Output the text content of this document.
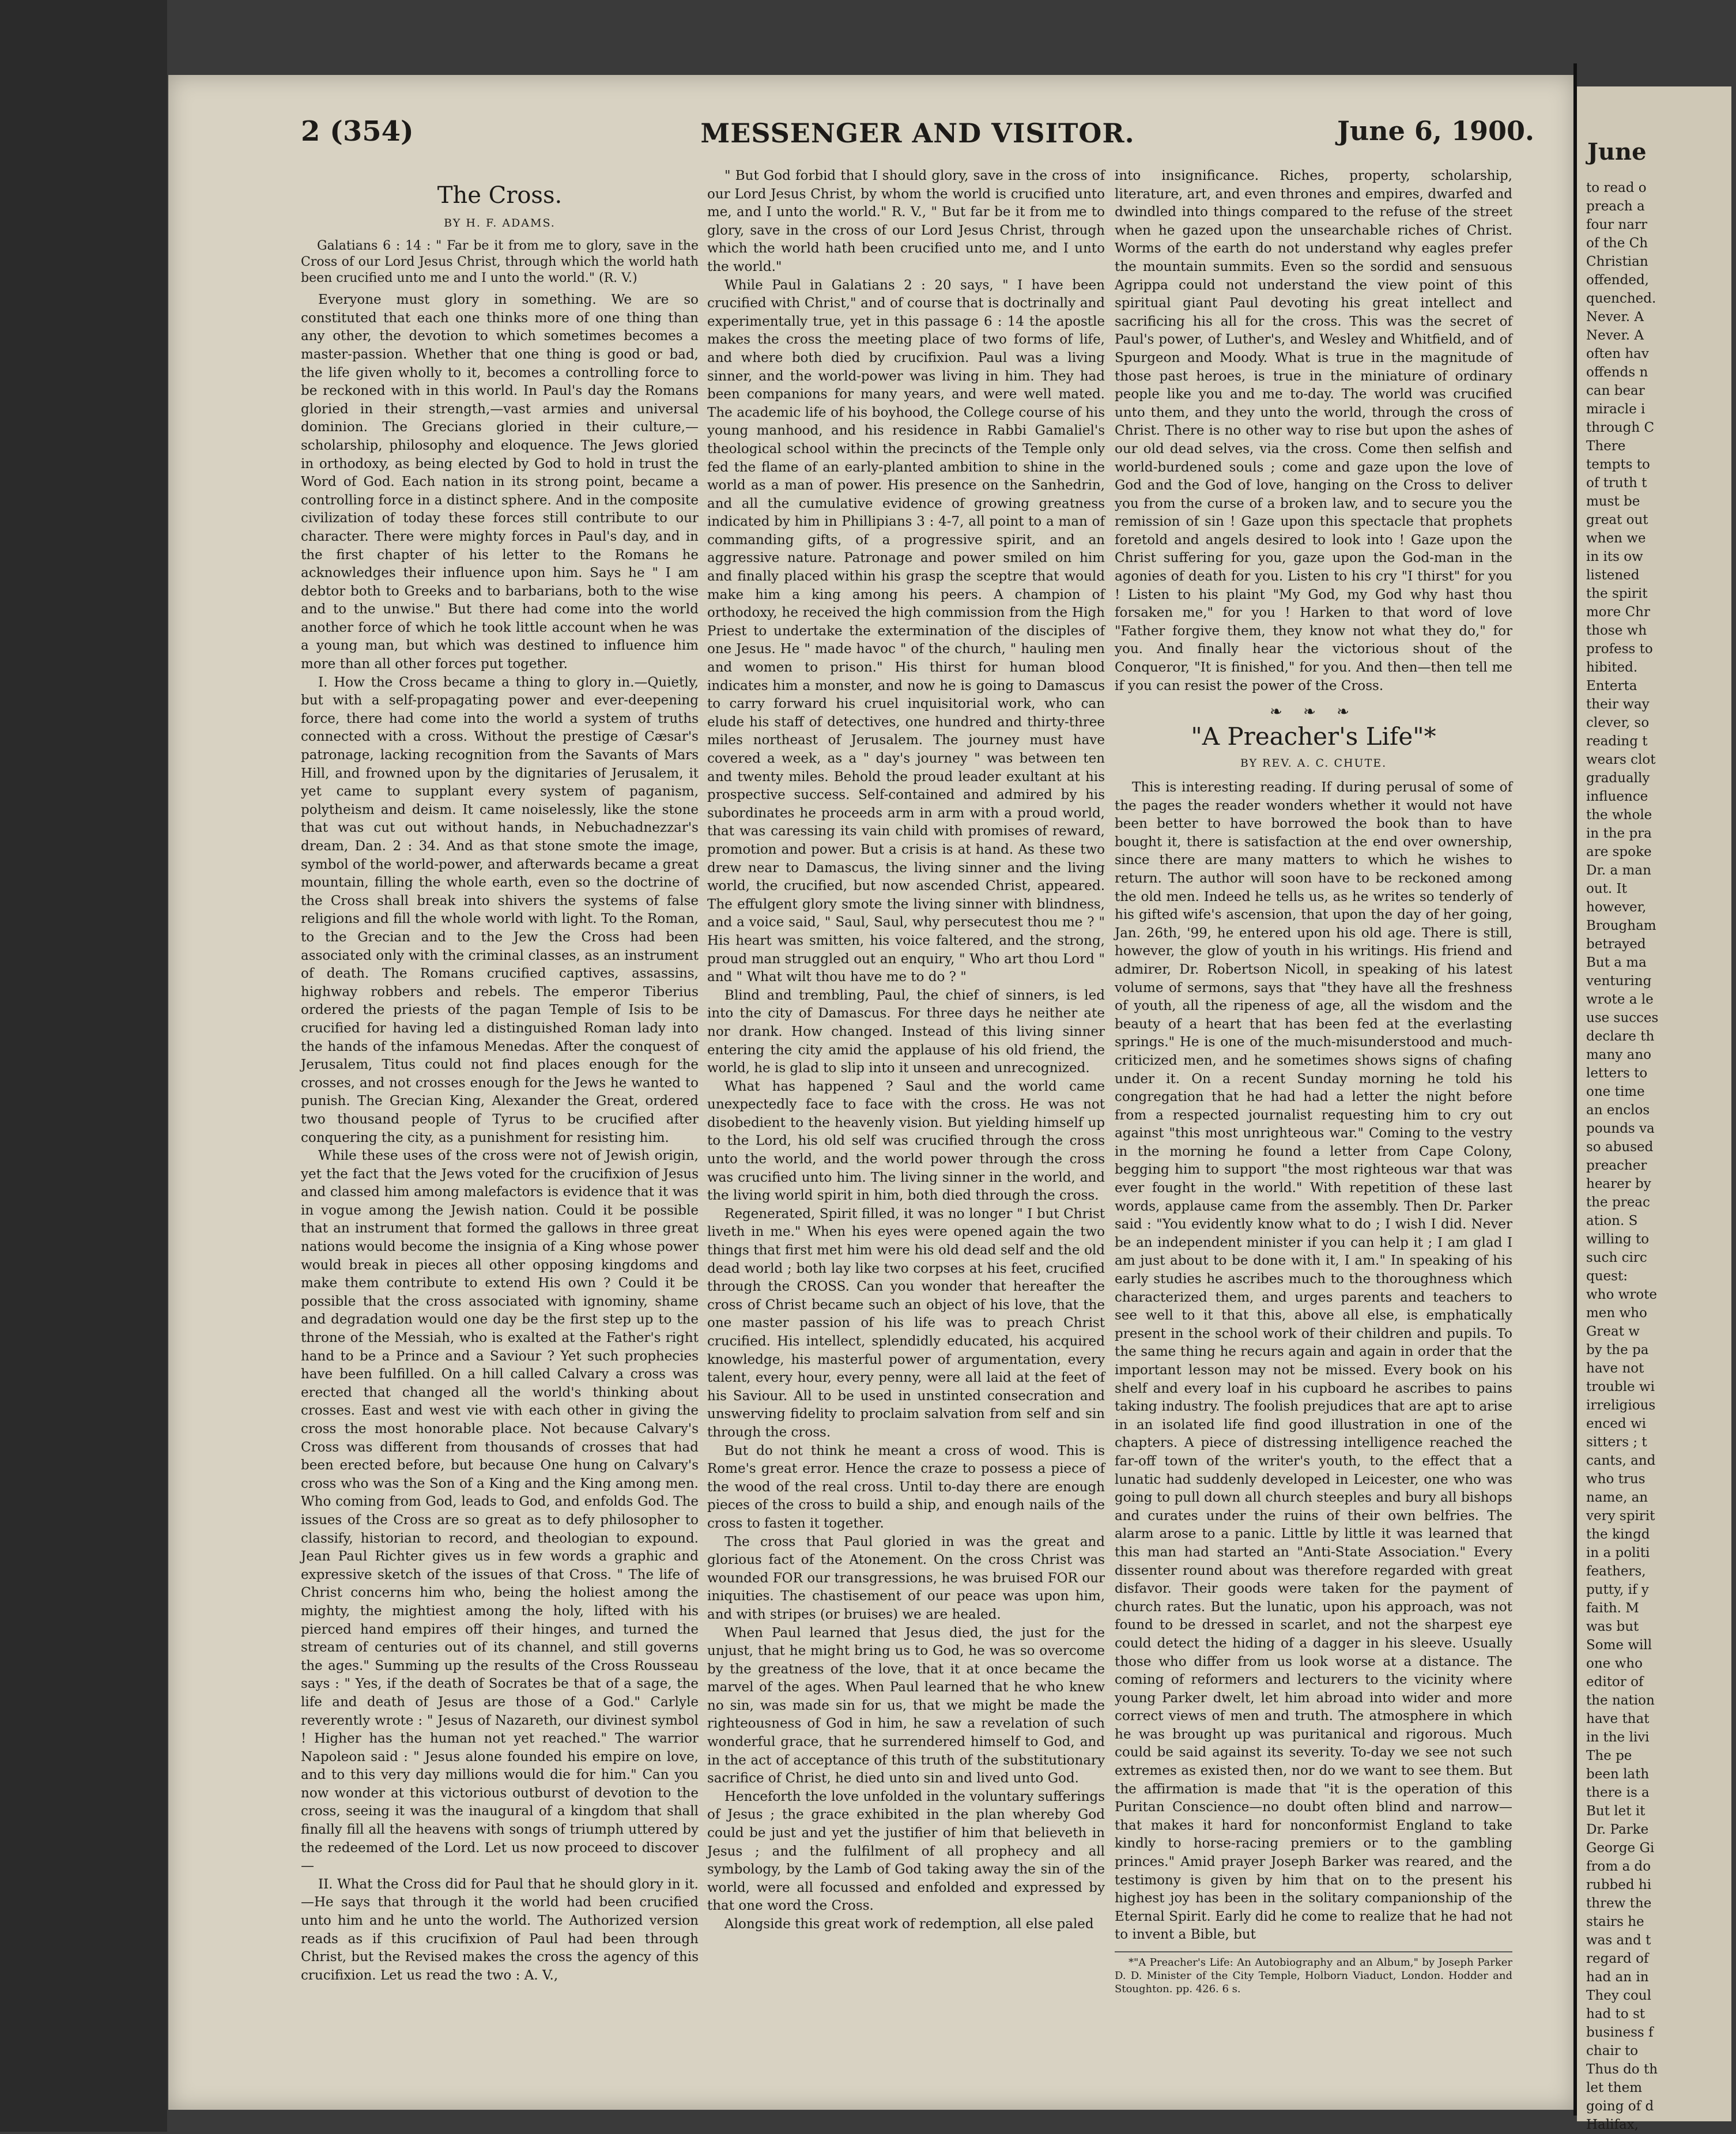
2 (354)	MESSENGER AND VISITOR.	June 6, 1900.
The Cross.
BY H. F. ADAMS.

Galatians 6 : 14 : " Far be it from me to glory, save in the Cross of our Lord Jesus Christ, through which the world hath been crucified unto me and I unto the world." (R. V.)

Everyone must glory in something. We are so constituted that each one thinks more of one thing than any other, the devotion to which sometimes becomes a master-passion. Whether that one thing is good or bad, the life given wholly to it, becomes a controlling force to be reckoned with in this world. In Paul's day the Romans gloried in their strength,—vast armies and universal dominion. The Grecians gloried in their culture,—scholarship, philosophy and eloquence. The Jews gloried in orthodoxy, as being elected by God to hold in trust the Word of God. Each nation in its strong point, became a controlling force in a distinct sphere. And in the composite civilization of today these forces still contribute to our character. There were mighty forces in Paul's day, and in the first chapter of his letter to the Romans he acknowledges their influence upon him. Says he " I am debtor both to Greeks and to barbarians, both to the wise and to the unwise." But there had come into the world another force of which he took little account when he was a young man, but which was destined to influence him more than all other forces put together.

I. How the Cross became a thing to glory in.—Quietly, but with a self-propagating power and ever-deepening force, there had come into the world a system of truths connected with a cross. Without the prestige of Cæsar's patronage, lacking recognition from the Savants of Mars Hill, and frowned upon by the dignitaries of Jerusalem, it yet came to supplant every system of paganism, polytheism and deism. It came noiselessly, like the stone that was cut out without hands, in Nebuchadnezzar's dream, Dan. 2 : 34. And as that stone smote the image, symbol of the world-power, and afterwards became a great mountain, filling the whole earth, even so the doctrine of the Cross shall break into shivers the systems of false religions and fill the whole world with light. To the Roman, to the Grecian and to the Jew the Cross had been associated only with the criminal classes, as an instrument of death. The Romans crucified captives, assassins, highway robbers and rebels. The emperor Tiberius ordered the priests of the pagan Temple of Isis to be crucified for having led a distinguished Roman lady into the hands of the infamous Menedas. After the conquest of Jerusalem, Titus could not find places enough for the crosses, and not crosses enough for the Jews he wanted to punish. The Grecian King, Alexander the Great, ordered two thousand people of Tyrus to be crucified after conquering the city, as a punishment for resisting him.

While these uses of the cross were not of Jewish origin, yet the fact that the Jews voted for the crucifixion of Jesus and classed him among malefactors is evidence that it was in vogue among the Jewish nation. Could it be possible that an instrument that formed the gallows in three great nations would become the insignia of a King whose power would break in pieces all other opposing kingdoms and make them contribute to extend His own ? Could it be possible that the cross associated with ignominy, shame and degradation would one day be the first step up to the throne of the Messiah, who is exalted at the Father's right hand to be a Prince and a Saviour ? Yet such prophecies have been fulfilled. On a hill called Calvary a cross was erected that changed all the world's thinking about crosses. East and west vie with each other in giving the cross the most honorable place. Not because Calvary's Cross was different from thousands of crosses that had been erected before, but because One hung on Calvary's cross who was the Son of a King and the King among men. Who coming from God, leads to God, and enfolds God. The issues of the Cross are so great as to defy philosopher to classify, historian to record, and theologian to expound. Jean Paul Richter gives us in few words a graphic and expressive sketch of the issues of that Cross. " The life of Christ concerns him who, being the holiest among the mighty, the mightiest among the holy, lifted with his pierced hand empires off their hinges, and turned the stream of centuries out of its channel, and still governs the ages." Summing up the results of the Cross Rousseau says : " Yes, if the death of Socrates be that of a sage, the life and death of Jesus are those of a God." Carlyle reverently wrote : " Jesus of Nazareth, our divinest symbol ! Higher has the human not yet reached." The warrior Napoleon said : " Jesus alone founded his empire on love, and to this very day millions would die for him." Can you now wonder at this victorious outburst of devotion to the cross, seeing it was the inaugural of a kingdom that shall finally fill all the heavens with songs of triumph uttered by the redeemed of the Lord. Let us now proceed to discover—

II. What the Cross did for Paul that he should glory in it.—He says that through it the world had been crucified unto him and he unto the world. The Authorized version reads as if this crucifixion of Paul had been through Christ, but the Revised makes the cross the agency of this crucifixion. Let us read the two : A. V.,

" But God forbid that I should glory, save in the cross of our Lord Jesus Christ, by whom the world is crucified unto me, and I unto the world." R. V., " But far be it from me to glory, save in the cross of our Lord Jesus Christ, through which the world hath been crucified unto me, and I unto the world."

While Paul in Galatians 2 : 20 says, " I have been crucified with Christ," and of course that is doctrinally and experimentally true, yet in this passage 6 : 14 the apostle makes the cross the meeting place of two forms of life, and where both died by crucifixion. Paul was a living sinner, and the world-power was living in him. They had been companions for many years, and were well mated. The academic life of his boyhood, the College course of his young manhood, and his residence in Rabbi Gamaliel's theological school within the precincts of the Temple only fed the flame of an early-planted ambition to shine in the world as a man of power. His presence on the Sanhedrin, and all the cumulative evidence of growing greatness indicated by him in Phillipians 3 : 4-7, all point to a man of commanding gifts, of a progressive spirit, and an aggressive nature. Patronage and power smiled on him and finally placed within his grasp the sceptre that would make him a king among his peers. A champion of orthodoxy, he received the high commission from the High Priest to undertake the extermination of the disciples of one Jesus. He " made havoc " of the church, " hauling men and women to prison." His thirst for human blood indicates him a monster, and now he is going to Damascus to carry forward his cruel inquisitorial work, who can elude his staff of detectives, one hundred and thirty-three miles northeast of Jerusalem. The journey must have covered a week, as a " day's journey " was between ten and twenty miles. Behold the proud leader exultant at his prospective success. Self-contained and admired by his subordinates he proceeds arm in arm with a proud world, that was caressing its vain child with promises of reward, promotion and power. But a crisis is at hand. As these two drew near to Damascus, the living sinner and the living world, the crucified, but now ascended Christ, appeared. The effulgent glory smote the living sinner with blindness, and a voice said, " Saul, Saul, why persecutest thou me ? " His heart was smitten, his voice faltered, and the strong, proud man struggled out an enquiry, " Who art thou Lord " and " What wilt thou have me to do ? "

Blind and trembling, Paul, the chief of sinners, is led into the city of Damascus. For three days he neither ate nor drank. How changed. Instead of this living sinner entering the city amid the applause of his old friend, the world, he is glad to slip into it unseen and unrecognized.

What has happened ? Saul and the world came unexpectedly face to face with the cross. He was not disobedient to the heavenly vision. But yielding himself up to the Lord, his old self was crucified through the cross unto the world, and the world power through the cross was crucified unto him. The living sinner in the world, and the living world spirit in him, both died through the cross.

Regenerated, Spirit filled, it was no longer " I but Christ liveth in me." When his eyes were opened again the two things that first met him were his old dead self and the old dead world ; both lay like two corpses at his feet, crucified through the CROSS. Can you wonder that hereafter the cross of Christ became such an object of his love, that the one master passion of his life was to preach Christ crucified. His intellect, splendidly educated, his acquired knowledge, his masterful power of argumentation, every talent, every hour, every penny, were all laid at the feet of his Saviour. All to be used in unstinted consecration and unswerving fidelity to proclaim salvation from self and sin through the cross.

But do not think he meant a cross of wood. This is Rome's great error. Hence the craze to possess a piece of the wood of the real cross. Until to-day there are enough pieces of the cross to build a ship, and enough nails of the cross to fasten it together.

The cross that Paul gloried in was the great and glorious fact of the Atonement. On the cross Christ was wounded FOR our transgressions, he was bruised FOR our iniquities. The chastisement of our peace was upon him, and with stripes (or bruises) we are healed.

When Paul learned that Jesus died, the just for the unjust, that he might bring us to God, he was so overcome by the greatness of the love, that it at once became the marvel of the ages. When Paul learned that he who knew no sin, was made sin for us, that we might be made the righteousness of God in him, he saw a revelation of such wonderful grace, that he surrendered himself to God, and in the act of acceptance of this truth of the substitutionary sacrifice of Christ, he died unto sin and lived unto God.

Henceforth the love unfolded in the voluntary sufferings of Jesus ; the grace exhibited in the plan whereby God could be just and yet the justifier of him that believeth in Jesus ; and the fulfilment of all prophecy and all symbology, by the Lamb of God taking away the sin of the world, were all focussed and enfolded and expressed by that one word the Cross.

Alongside this great work of redemption, all else paled

into insignificance. Riches, property, scholarship, literature, art, and even thrones and empires, dwarfed and dwindled into things compared to the refuse of the street when he gazed upon the unsearchable riches of Christ. Worms of the earth do not understand why eagles prefer the mountain summits. Even so the sordid and sensuous Agrippa could not understand the view point of this spiritual giant Paul devoting his great intellect and sacrificing his all for the cross. This was the secret of Paul's power, of Luther's, and Wesley and Whitfield, and of Spurgeon and Moody. What is true in the magnitude of those past heroes, is true in the miniature of ordinary people like you and me to-day. The world was crucified unto them, and they unto the world, through the cross of Christ. There is no other way to rise but upon the ashes of our old dead selves, via the cross. Come then selfish and world-burdened souls ; come and gaze upon the love of God and the God of love, hanging on the Cross to deliver you from the curse of a broken law, and to secure you the remission of sin ! Gaze upon this spectacle that prophets foretold and angels desired to look into ! Gaze upon the Christ suffering for you, gaze upon the God-man in the agonies of death for you. Listen to his cry "I thirst" for you ! Listen to his plaint "My God, my God why hast thou forsaken me," for you ! Harken to that word of love "Father forgive them, they know not what they do," for you. And finally hear the victorious shout of the Conqueror, "It is finished," for you. And then—then tell me if you can resist the power of the Cross.

❧ ❧ ❧
"A Preacher's Life"*
BY REV. A. C. CHUTE.

This is interesting reading. If during perusal of some of the pages the reader wonders whether it would not have been better to have borrowed the book than to have bought it, there is satisfaction at the end over ownership, since there are many matters to which he wishes to return. The author will soon have to be reckoned among the old men. Indeed he tells us, as he writes so tenderly of his gifted wife's ascension, that upon the day of her going, Jan. 26th, '99, he entered upon his old age. There is still, however, the glow of youth in his writings. His friend and admirer, Dr. Robertson Nicoll, in speaking of his latest volume of sermons, says that "they have all the freshness of youth, all the ripeness of age, all the wisdom and the beauty of a heart that has been fed at the everlasting springs." He is one of the much-misunderstood and much-criticized men, and he sometimes shows signs of chafing under it. On a recent Sunday morning he told his congregation that he had had a letter the night before from a respected journalist requesting him to cry out against "this most unrighteous war." Coming to the vestry in the morning he found a letter from Cape Colony, begging him to support "the most righteous war that was ever fought in the world." With repetition of these last words, applause came from the assembly. Then Dr. Parker said : "You evidently know what to do ; I wish I did. Never be an independent minister if you can help it ; I am glad I am just about to be done with it, I am." In speaking of his early studies he ascribes much to the thoroughness which characterized them, and urges parents and teachers to see well to it that this, above all else, is emphatically present in the school work of their children and pupils. To the same thing he recurs again and again in order that the important lesson may not be missed. Every book on his shelf and every loaf in his cupboard he ascribes to pains taking industry. The foolish prejudices that are apt to arise in an isolated life find good illustration in one of the chapters. A piece of distressing intelligence reached the far-off town of the writer's youth, to the effect that a lunatic had suddenly developed in Leicester, one who was going to pull down all church steeples and bury all bishops and curates under the ruins of their own belfries. The alarm arose to a panic. Little by little it was learned that this man had started an "Anti-State Association." Every dissenter round about was therefore regarded with great disfavor. Their goods were taken for the payment of church rates. But the lunatic, upon his approach, was not found to be dressed in scarlet, and not the sharpest eye could detect the hiding of a dagger in his sleeve. Usually those who differ from us look worse at a distance. The coming of reformers and lecturers to the vicinity where young Parker dwelt, let him abroad into wider and more correct views of men and truth. The atmosphere in which he was brought up was puritanical and rigorous. Much could be said against its severity. To-day we see not such extremes as existed then, nor do we want to see them. But the affirmation is made that "it is the operation of this Puritan Conscience—no doubt often blind and narrow—that makes it hard for nonconformist England to take kindly to horse-racing premiers or to the gambling princes." Amid prayer Joseph Barker was reared, and the testimony is given by him that on to the present his highest joy has been in the solitary companionship of the Eternal Spirit. Early did he come to realize that he had not to invent a Bible, but

*"A Preacher's Life: An Autobiography and an Album," by Joseph Parker D. D. Minister of the City Temple, Holborn Viaduct, London. Hodder and Stoughton. pp. 426. 6 s.
June
to read o
preach a
four narr
of the Ch
Christian
offended,
quenched.
Never. A
Never. A
often hav
offends n
can bear
miracle i
through C
There
tempts to
of truth t
must be
great out
when we
in its ow
listened
the spirit
more Chr
those wh
profess to
hibited.
Enterta
their way
clever, so
reading t
wears clot
gradually
influence
the whole
in the pra
are spoke
Dr. a man
out. It
however,
Brougham
betrayed
But a ma
venturing
wrote a le
use succes
declare th
many ano
letters to
one time
an enclos
pounds va
so abused
preacher
hearer by
the preac
ation. S
willing to
such circ
quest:
who wrote
men who
Great w
by the pa
have not
trouble wi
irreligious
enced wi
sitters ; t
cants, and
who trus
name, an
very spirit
the kingd
in a politi
feathers,
putty, if y
faith. M
was but
Some will
one who
editor of
the nation
have that
in the livi
The pe
been lath
there is a
But let it
Dr. Parke
George Gi
from a do
rubbed hi
threw the
stairs he
was and t
regard of
had an in
They coul
had to st
business f
chair to
Thus do th
let them
going of d
Halifax,
